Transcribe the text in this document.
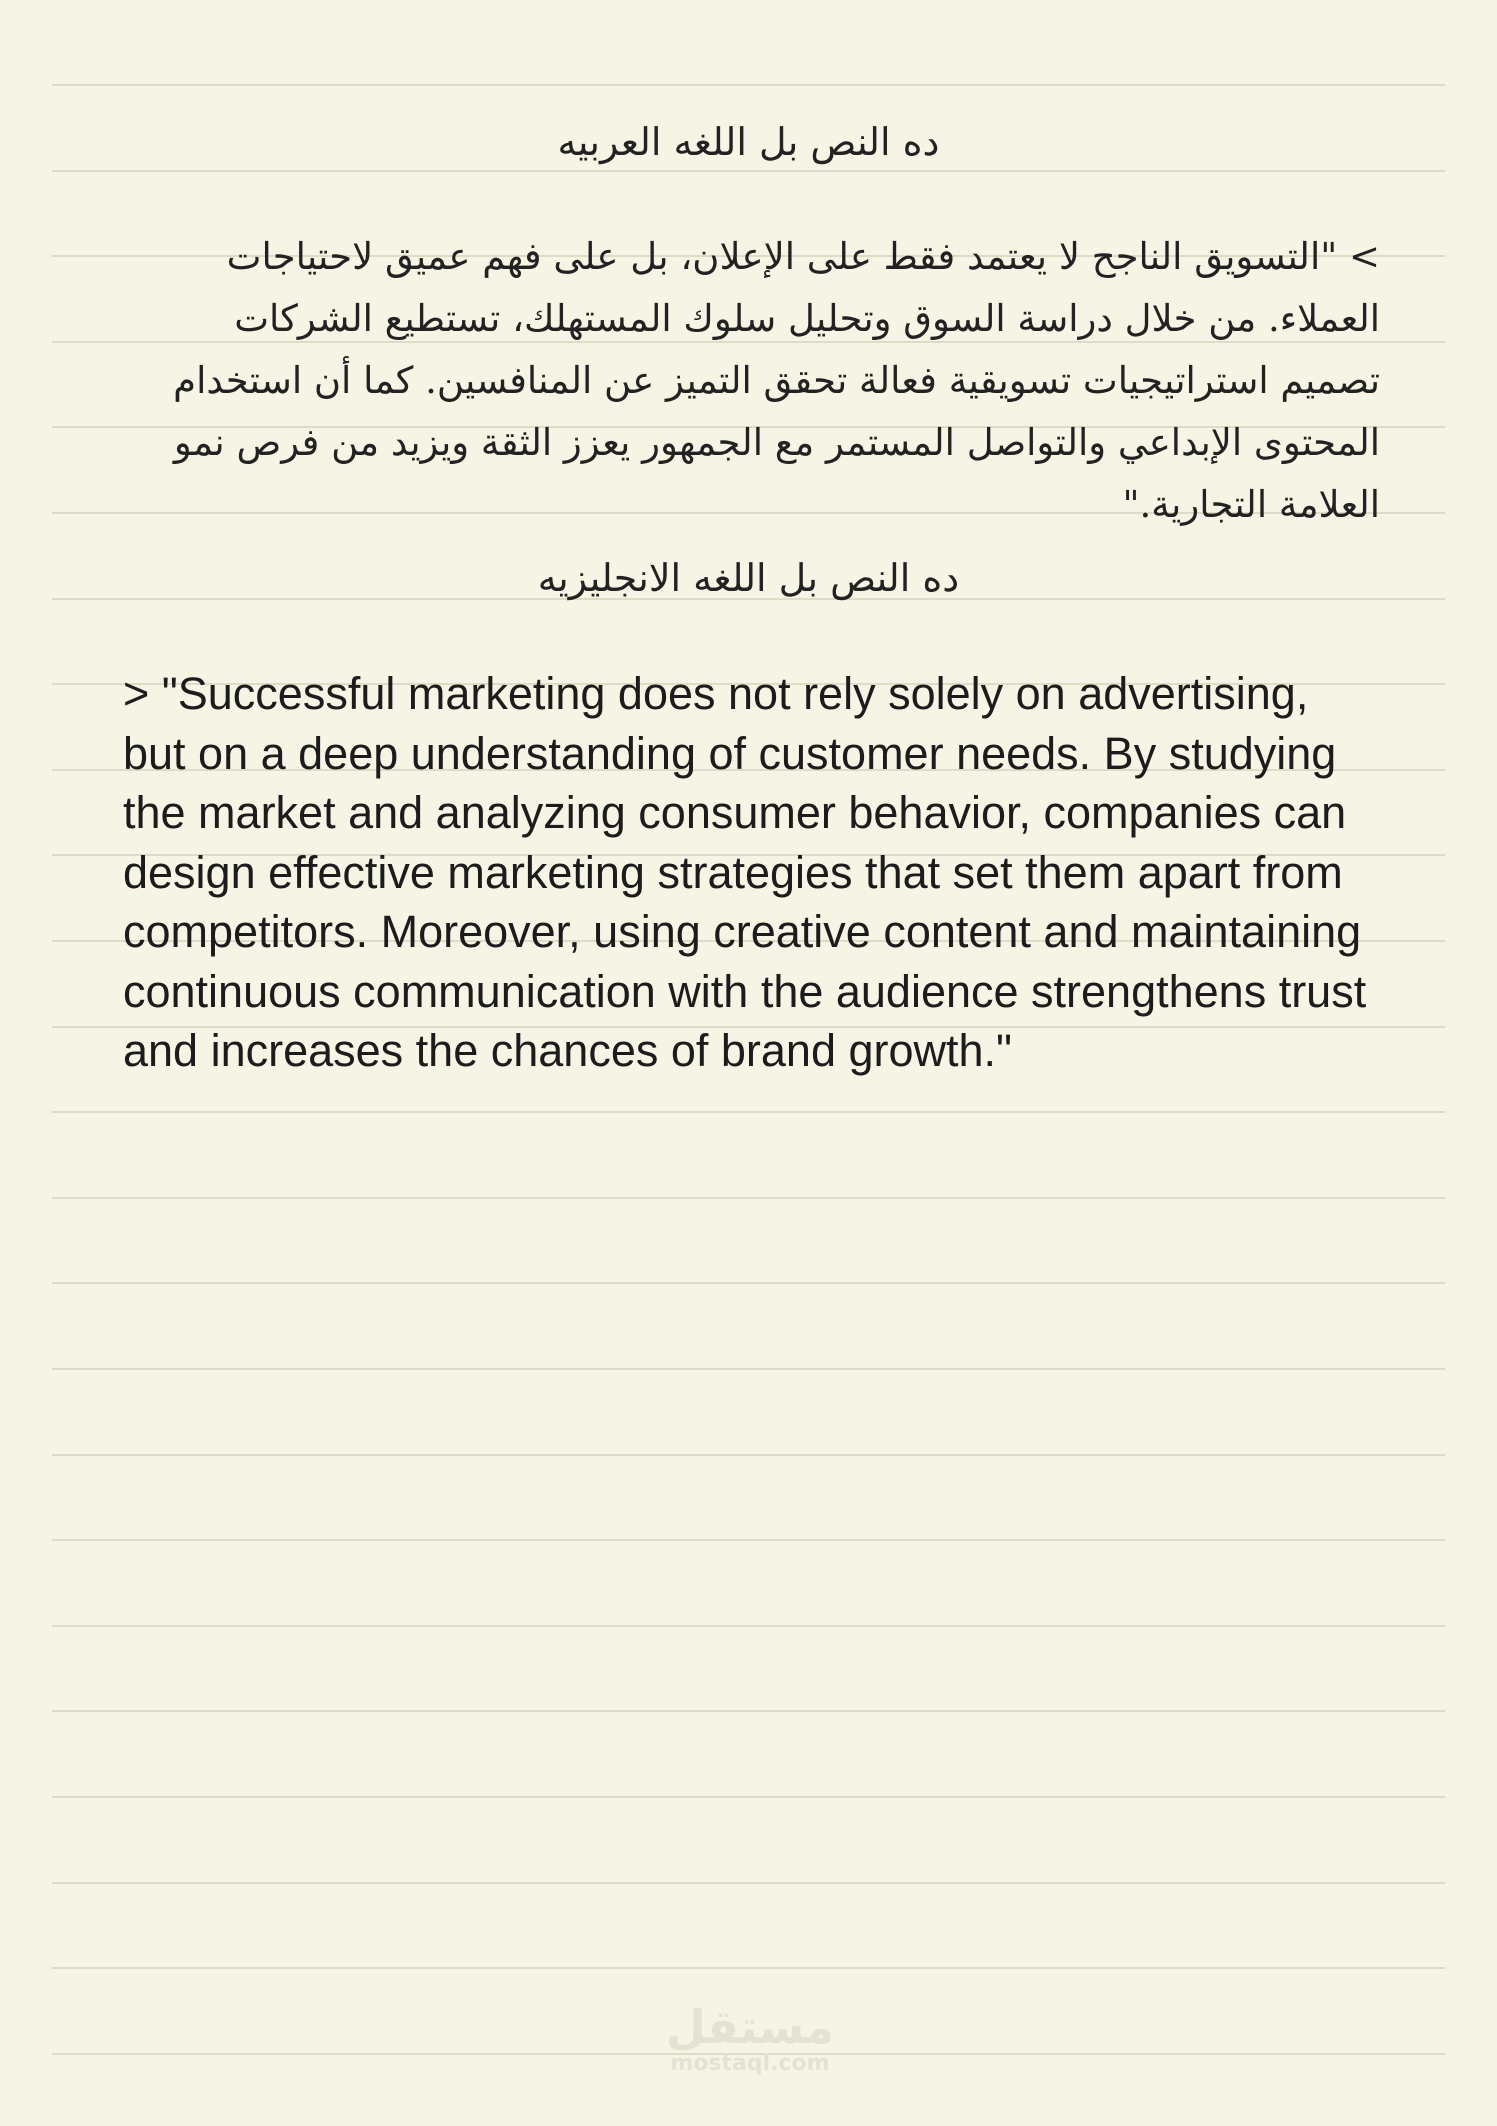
ده النص بل اللغه العربيه

> "التسويق الناجح لا يعتمد فقط على الإعلان، بل على فهم عميق لاحتياجات العملاء. من خلال دراسة السوق وتحليل سلوك المستهلك، تستطيع الشركات تصميم استراتيجيات تسويقية فعالة تحقق التميز عن المنافسين. كما أن استخدام المحتوى الإبداعي والتواصل المستمر مع الجمهور يعزز الثقة ويزيد من فرص نمو العلامة التجارية."

ده النص بل اللغه الانجليزيه

> "Successful marketing does not rely solely on advertising, but on a deep understanding of customer needs. By studying the market and analyzing consumer behavior, companies can design effective marketing strategies that set them apart from competitors. Moreover, using creative content and maintaining continuous communication with the audience strengthens trust and increases the chances of brand growth."

مستقل
mostaql.com
